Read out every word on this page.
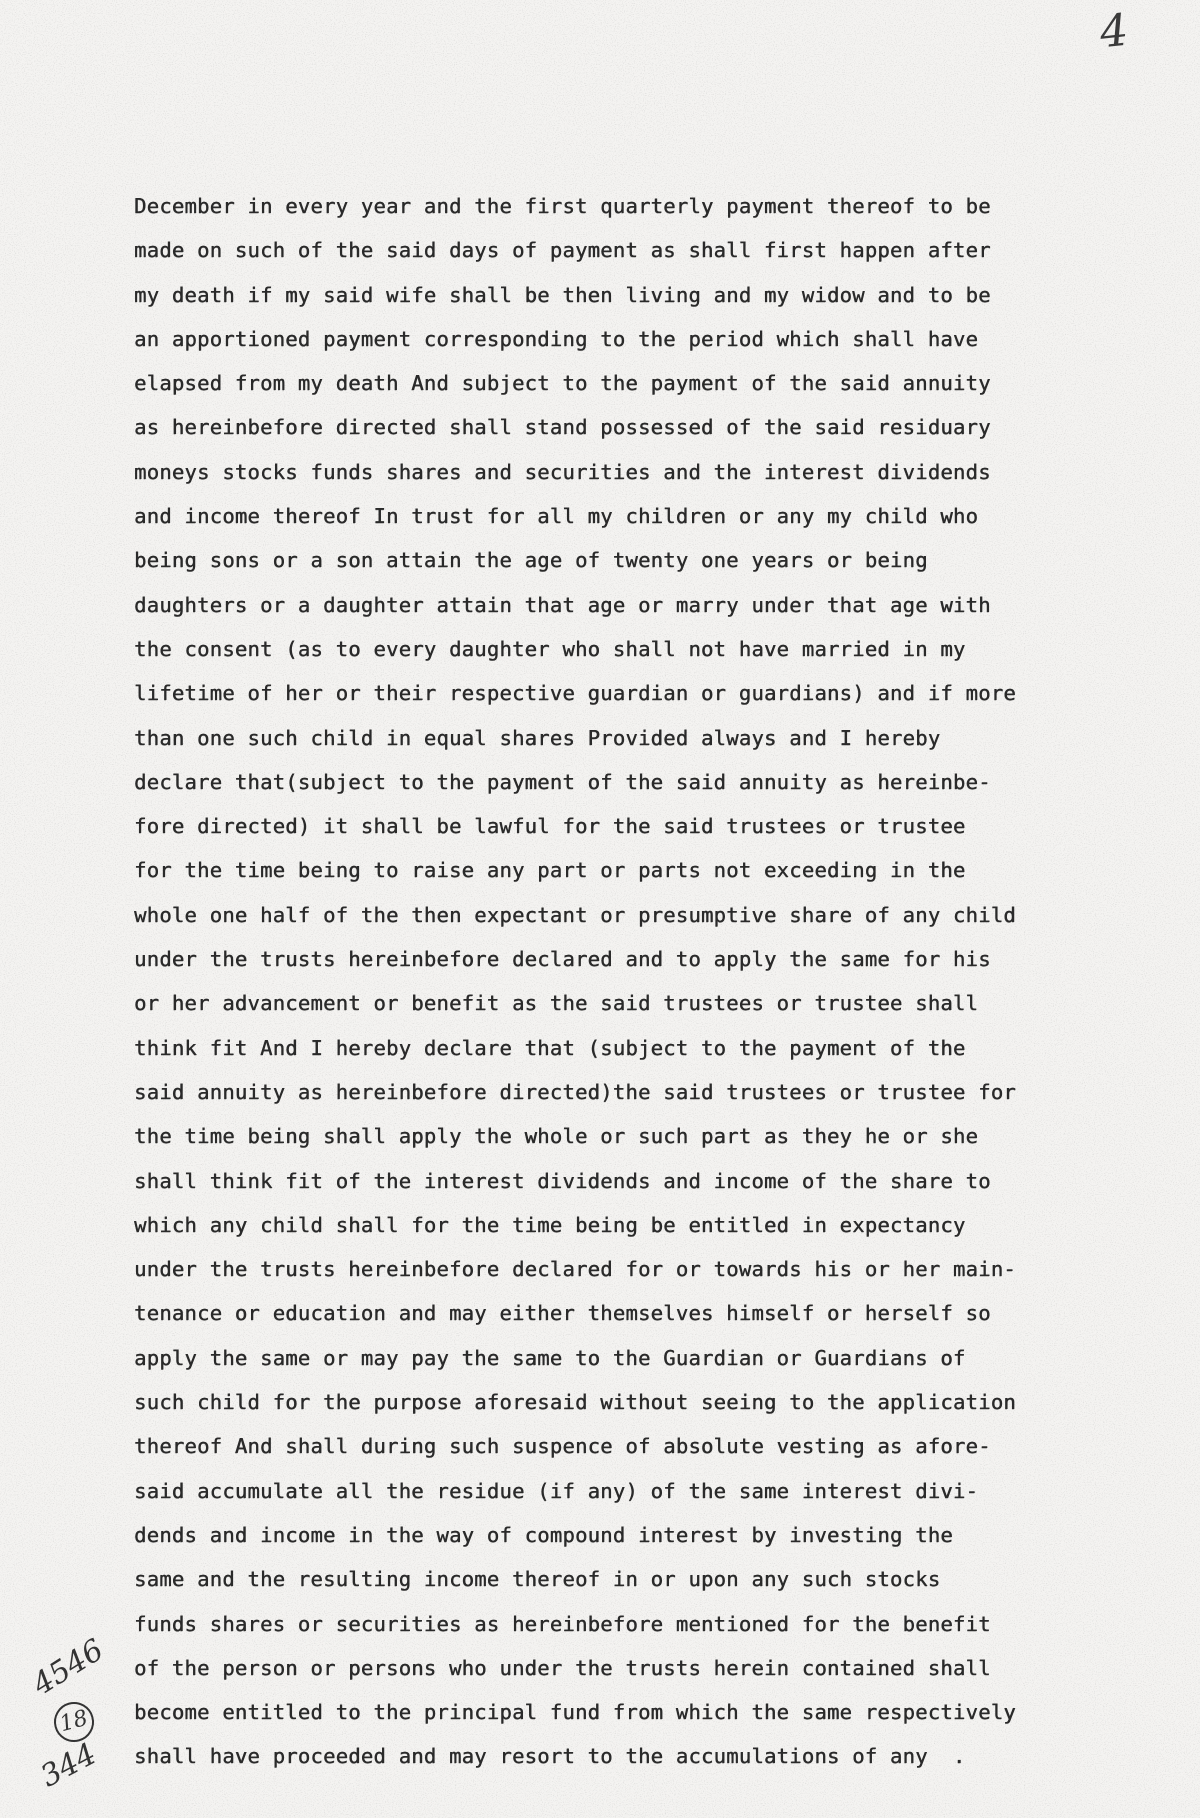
4
December in every year and the first quarterly payment thereof to be
made on such of the said days of payment as shall first happen after
my death if my said wife shall be then living and my widow and to be
an apportioned payment corresponding to the period which shall have
elapsed from my death And subject to the payment of the said annuity
as hereinbefore directed shall stand possessed of the said residuary
moneys stocks funds shares and securities and the interest dividends
and income thereof In trust for all my children or any my child who
being sons or a son attain the age of twenty one years or being
daughters or a daughter attain that age or marry under that age with
the consent (as to every daughter who shall not have married in my
lifetime of her or their respective guardian or guardians) and if more
than one such child in equal shares Provided always and I hereby
declare that(subject to the payment of the said annuity as hereinbe-
fore directed) it shall be lawful for the said trustees or trustee
for the time being to raise any part or parts not exceeding in the
whole one half of the then expectant or presumptive share of any child
under the trusts hereinbefore declared and to apply the same for his
or her advancement or benefit as the said trustees or trustee shall
think fit And I hereby declare that (subject to the payment of the
said annuity as hereinbefore directed)the said trustees or trustee for
the time being shall apply the whole or such part as they he or she
shall think fit of the interest dividends and income of the share to
which any child shall for the time being be entitled in expectancy
under the trusts hereinbefore declared for or towards his or her main-
tenance or education and may either themselves himself or herself so
apply the same or may pay the same to the Guardian or Guardians of
such child for the purpose aforesaid without seeing to the application
thereof And shall during such suspence of absolute vesting as afore-
said accumulate all the residue (if any) of the same interest divi-
dends and income in the way of compound interest by investing the
same and the resulting income thereof in or upon any such stocks
funds shares or securities as hereinbefore mentioned for the benefit
of the person or persons who under the trusts herein contained shall
become entitled to the principal fund from which the same respectively
shall have proceeded and may resort to the accumulations of any  .
4546
18
344
